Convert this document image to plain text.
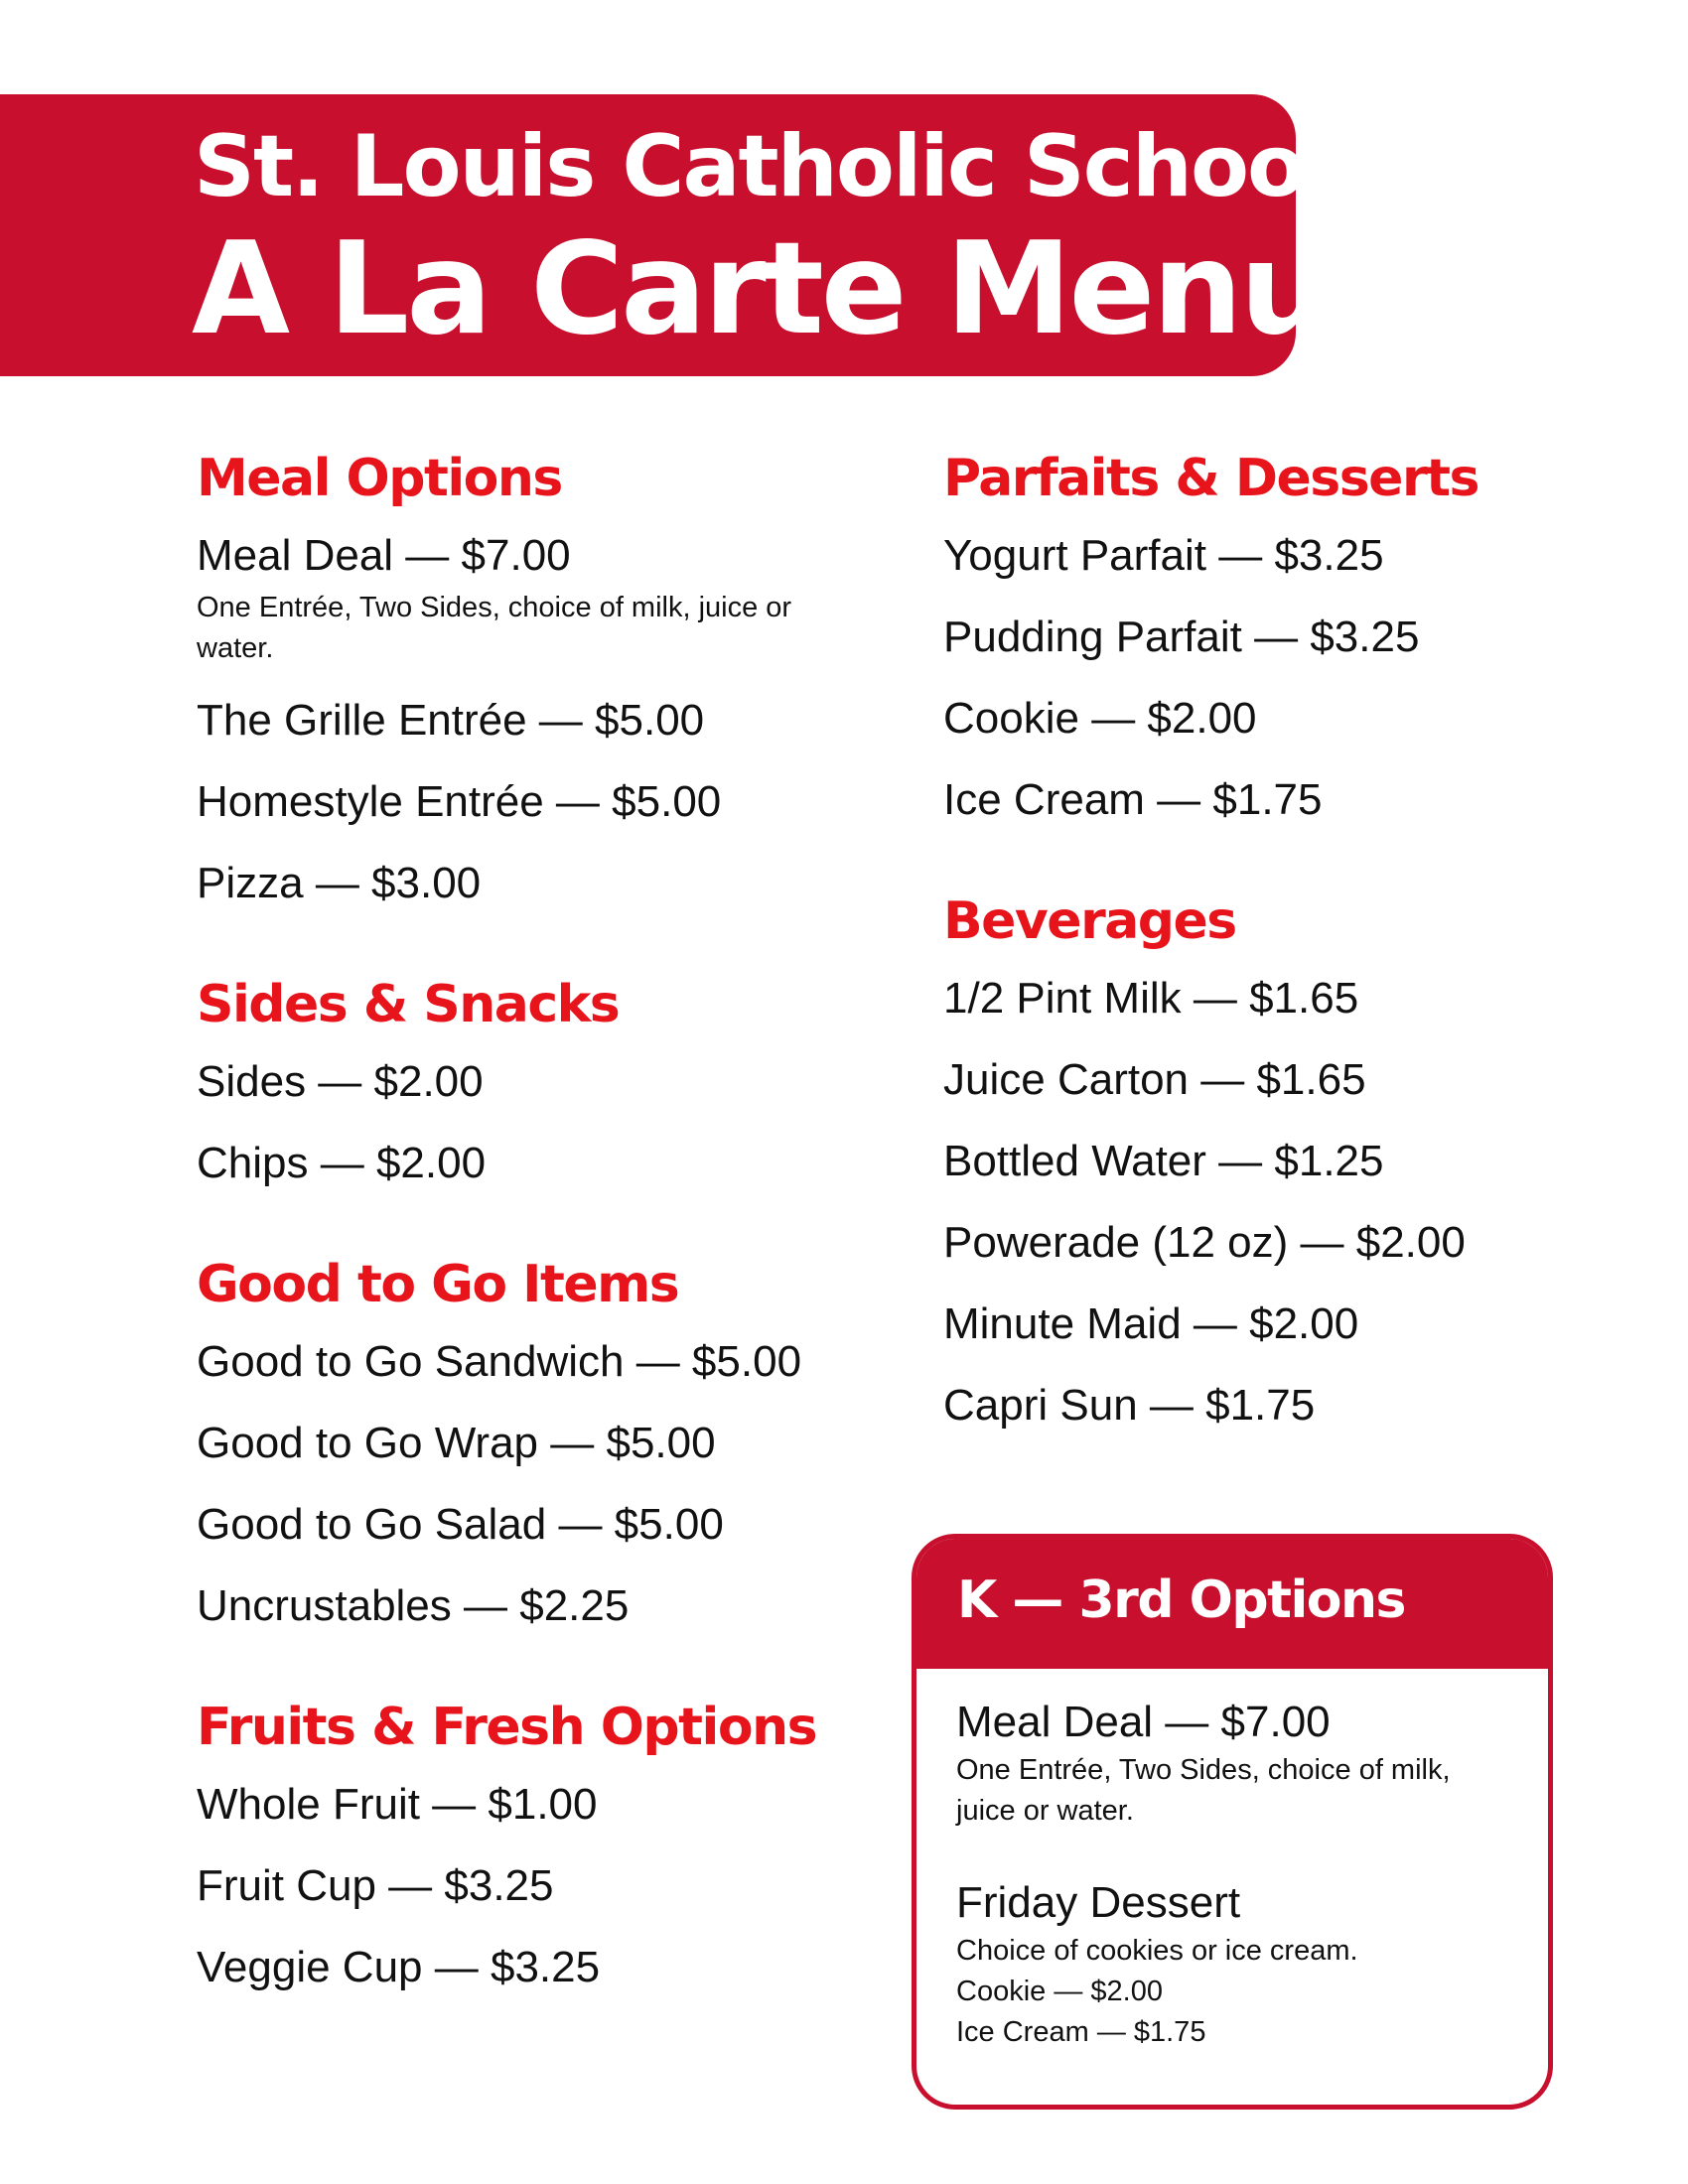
St. Louis Catholic School
A La Carte Menu
Meal Options
Meal Deal — $7.00
One Entrée, Two Sides, choice of milk, juice or water.
The Grille Entrée — $5.00
Homestyle Entrée — $5.00
Pizza — $3.00
Sides & Snacks
Sides — $2.00
Chips — $2.00
Good to Go Items
Good to Go Sandwich — $5.00
Good to Go Wrap — $5.00
Good to Go Salad — $5.00
Uncrustables — $2.25
Fruits & Fresh Options
Whole Fruit — $1.00
Fruit Cup — $3.25
Veggie Cup — $3.25
Parfaits & Desserts
Yogurt Parfait — $3.25
Pudding Parfait — $3.25
Cookie — $2.00
Ice Cream — $1.75
Beverages
1/2 Pint Milk — $1.65
Juice Carton — $1.65
Bottled Water — $1.25
Powerade (12 oz) — $2.00
Minute Maid — $2.00
Capri Sun — $1.75
K — 3rd Options
Meal Deal — $7.00
One Entrée, Two Sides, choice of milk, juice or water.
Friday Dessert
Choice of cookies or ice cream.
Cookie — $2.00
Ice Cream — $1.75
